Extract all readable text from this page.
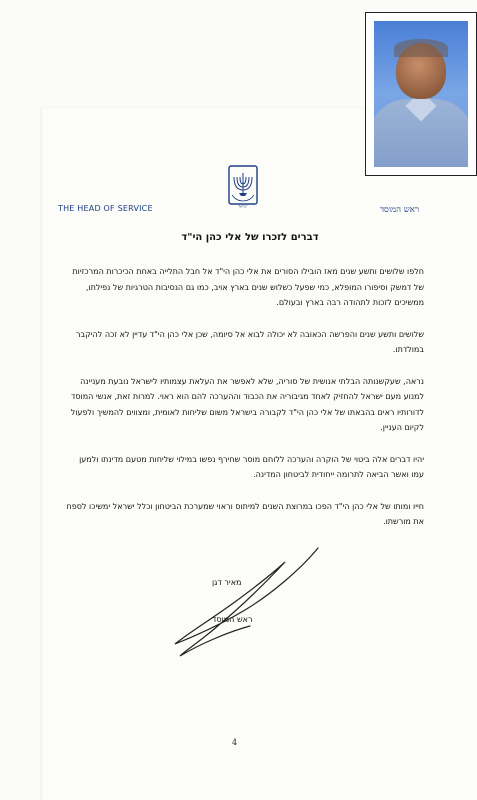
ישראל
THE HEAD OF SERVICE	ראש המוסד
דברים לזכרו של אלי כהן הי"ד

חלפו שלושים ותשע שנים מאז הובילו הסורים את אלי כהן הי"ד אל חבל התלייה באחת הכיכרות המרכזיות של דמשק וסיפורו המופלא, כמי שפעל כשלוש שנים בארץ אויב, כמו גם הנסיבות הטרגיות של נפילתו, ממשיכים לזכות לתהודה רבה בארץ ובעולם.

שלושים ותשע שנים והפרשה הכאובה לא יכולה לבוא אל סיומה, שכן אלי כהן הי"ד עדיין לא זכה להיקבר במולדתו.

נראה, שעקשנותה הבלתי אנושית של סוריה, שלא לאפשר את העלאת עצמותיו לישראל נובעת מעניינה למנוע מעם ישראל להחזיק לאחד מגיבוריה את הכבוד וההערכה להם הוא ראוי. למרות זאת, אנשי המוסד לדורותיו ראים בהבאתו של אלי כהן הי"ד לקבורה בישראל משום שליחות לאומית, ומצווים להמשיך ולפעול לקיום העניין.

יהיו דברים אלה ביטוי של הוקרה והערכה ללוחם מוסר שחירף נפשו במילוי שליחות מטעם מדינתו ולמען עמו ואשר הביאה לתרומה ייחודית לביטחון המדינה.

חייו ומותו של אלי כהן הי"ד הפכו במרוצת השנים למיתוס וראוי שמערכת הביטחון וכלל ישראל ימשיכו לספח את מורשתו.

מאיר דגן
ראש המוסד
4
